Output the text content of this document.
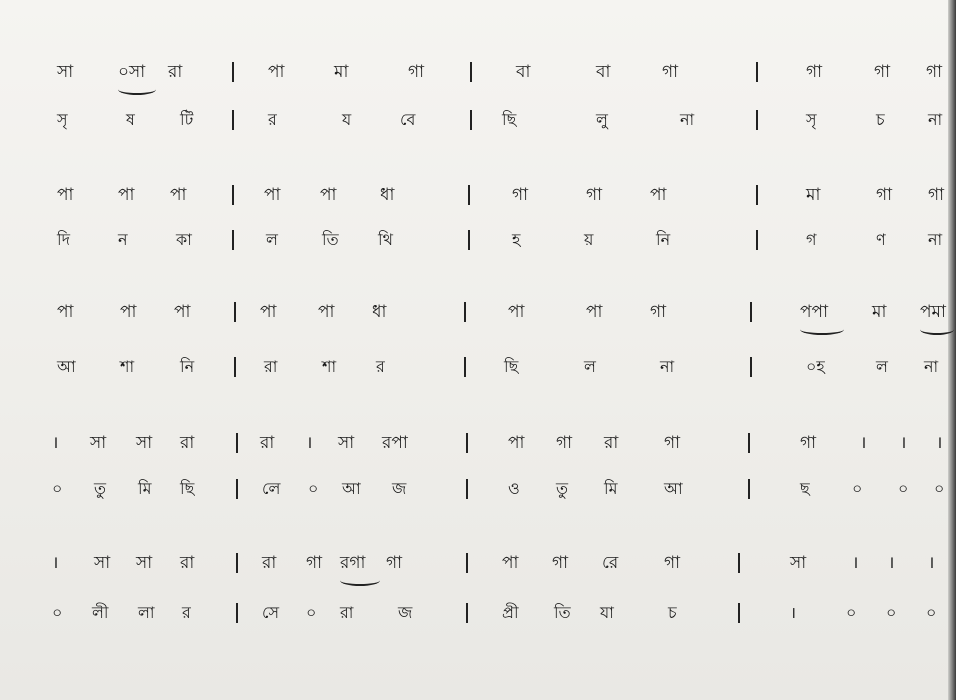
সা	০সা রা	পা	মা	গা	বা	বা	গা	গা	গা গা
সৃ	ষ	টি	র	য	বে	ছি	লু	না	সৃ	চ	না
পা	পা পা	পা পা	ধা	গা	গা	পা	মা	গা গা
দি	ন	কা	ল	তি থি	হ	য়	নি	গ	ণ	না
পা	পা পা	পা পা ধা	পা	পা	গা	পপা	মা পমা
আ	শা	নি	রা	শা র	ছি	ল	না	০হ	ল না
। সা সা রা	রা । সা রপা	পা গা রা	গা	গা	। । ।
০ তু মি ছি	লে ০ আ জ	ও তু মি	আ	ছ	০ ০ ০
। সা সা রা	রা গা রগা গা	পা গা রে	গা	সা	। । ।
০ লী লা র	সে ০ রা	জ	প্রী তি যা	চ	।	০ ০ ০
